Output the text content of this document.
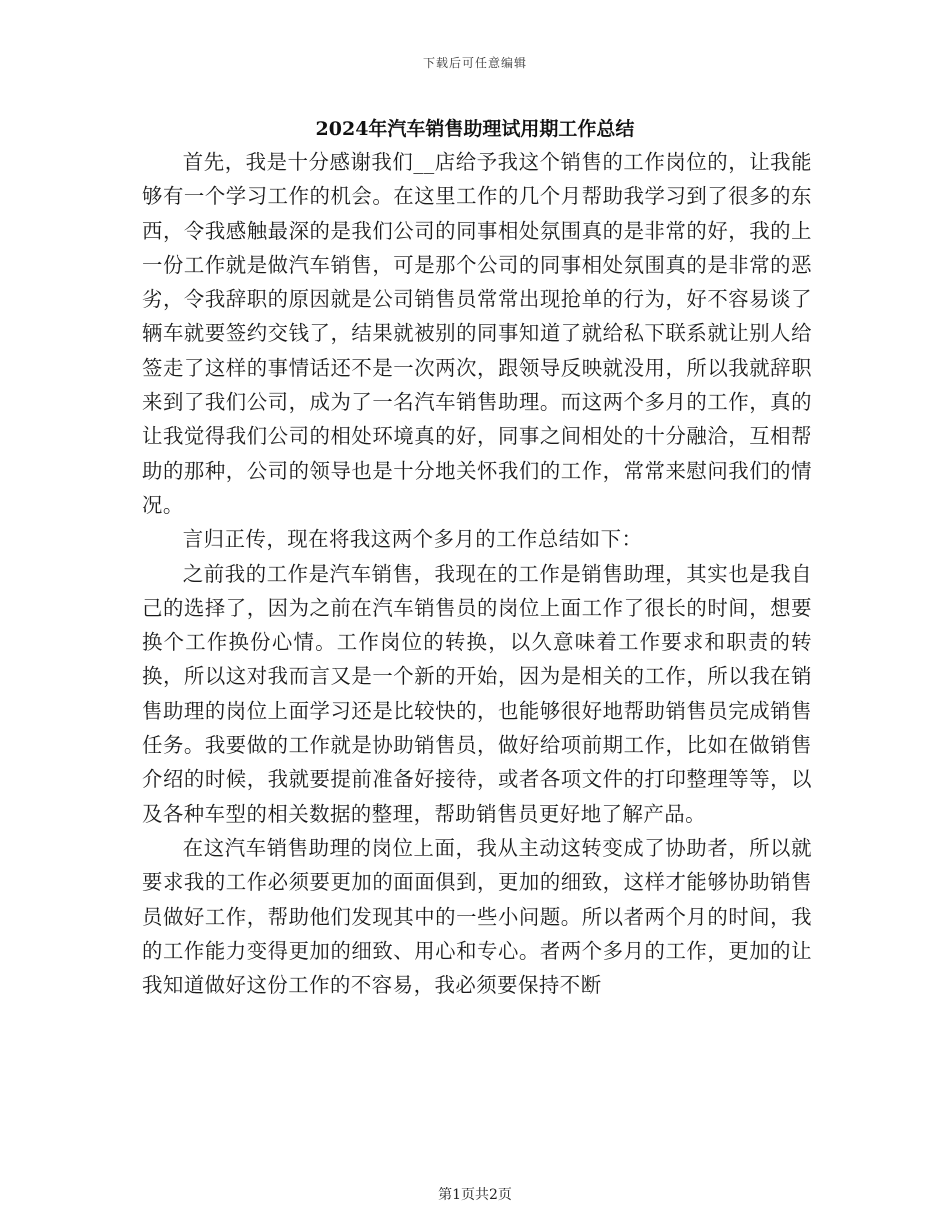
下载后可任意编辑
2024年汽车销售助理试用期工作总结

首先，我是十分感谢我们__店给予我这个销售的工作岗位的，让我能够有一个学习工作的机会。在这里工作的几个月帮助我学习到了很多的东西，令我感触最深的是我们公司的同事相处氛围真的是非常的好，我的上一份工作就是做汽车销售，可是那个公司的同事相处氛围真的是非常的恶劣，令我辞职的原因就是公司销售员常常出现抢单的行为，好不容易谈了辆车就要签约交钱了，结果就被别的同事知道了就给私下联系就让别人给签走了这样的事情话还不是一次两次，跟领导反映就没用，所以我就辞职来到了我们公司，成为了一名汽车销售助理。而这两个多月的工作，真的让我觉得我们公司的相处环境真的好，同事之间相处的十分融洽，互相帮助的那种，公司的领导也是十分地关怀我们的工作，常常来慰问我们的情况。

言归正传，现在将我这两个多月的工作总结如下：

之前我的工作是汽车销售，我现在的工作是销售助理，其实也是我自己的选择了，因为之前在汽车销售员的岗位上面工作了很长的时间，想要换个工作换份心情。工作岗位的转换，以久意味着工作要求和职责的转换，所以这对我而言又是一个新的开始，因为是相关的工作，所以我在销售助理的岗位上面学习还是比较快的，也能够很好地帮助销售员完成销售任务。我要做的工作就是协助销售员，做好给项前期工作，比如在做销售介绍的时候，我就要提前准备好接待，或者各项文件的打印整理等等，以及各种车型的相关数据的整理，帮助销售员更好地了解产品。

在这汽车销售助理的岗位上面，我从主动这转变成了协助者，所以就要求我的工作必须要更加的面面俱到，更加的细致，这样才能够协助销售员做好工作，帮助他们发现其中的一些小问题。所以者两个月的时间，我的工作能力变得更加的细致、用心和专心。者两个多月的工作，更加的让我知道做好这份工作的不容易，我必须要保持不断

第1页共2页
